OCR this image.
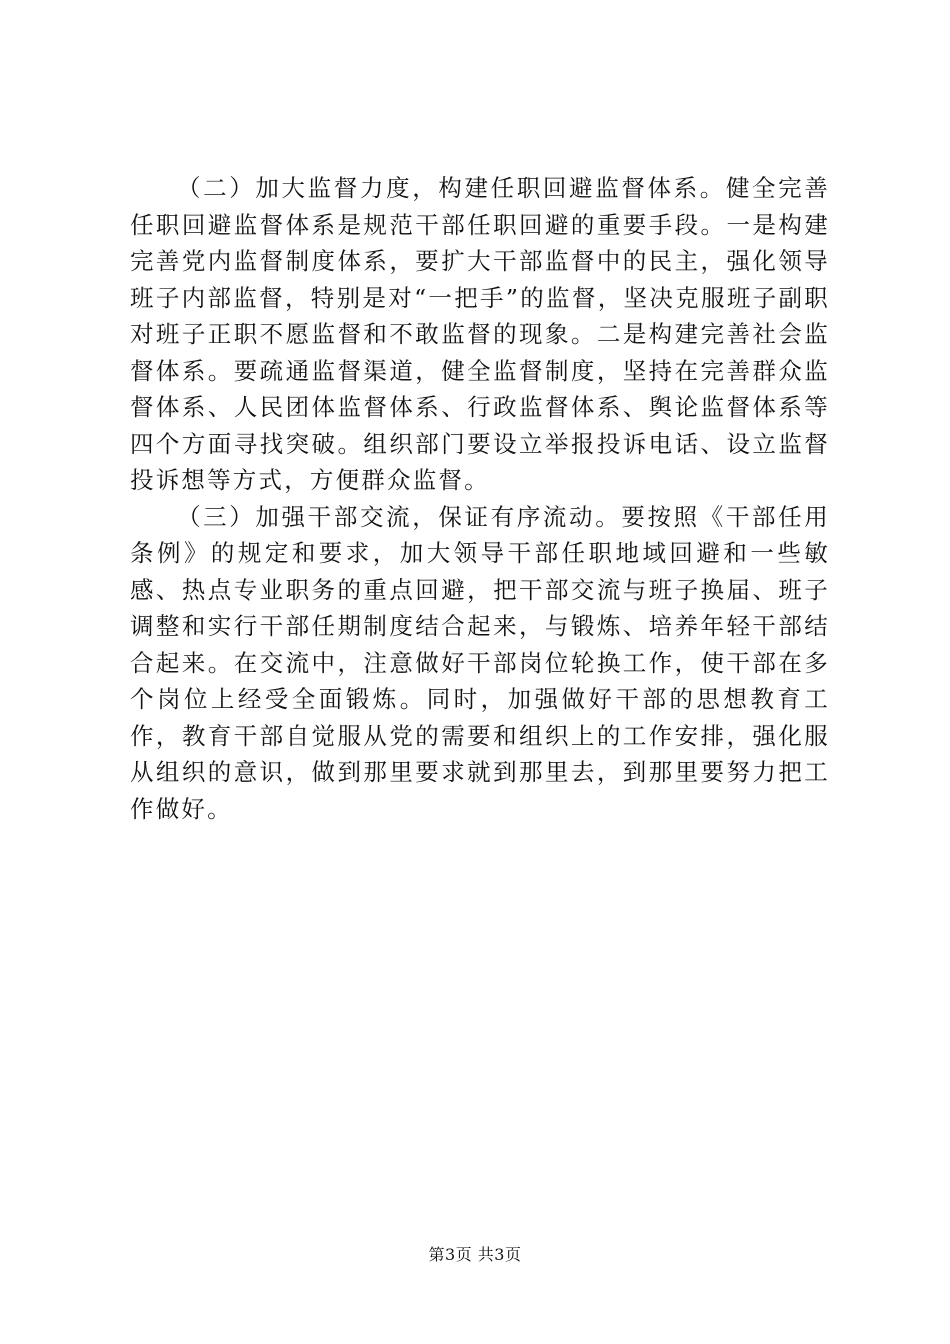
（二）加大监督力度，构建任职回避监督体系。健全完善任职回避监督体系是规范干部任职回避的重要手段。一是构建完善党内监督制度体系，要扩大干部监督中的民主，强化领导班子内部监督，特别是对“一把手”的监督，坚决克服班子副职对班子正职不愿监督和不敢监督的现象。二是构建完善社会监督体系。要疏通监督渠道，健全监督制度，坚持在完善群众监督体系、人民团体监督体系、行政监督体系、舆论监督体系等四个方面寻找突破。组织部门要设立举报投诉电话、设立监督投诉想等方式，方便群众监督。

（三）加强干部交流，保证有序流动。要按照《干部任用条例》的规定和要求，加大领导干部任职地域回避和一些敏感、热点专业职务的重点回避，把干部交流与班子换届、班子调整和实行干部任期制度结合起来，与锻炼、培养年轻干部结合起来。在交流中，注意做好干部岗位轮换工作，使干部在多个岗位上经受全面锻炼。同时，加强做好干部的思想教育工作，教育干部自觉服从党的需要和组织上的工作安排，强化服从组织的意识，做到那里要求就到那里去，到那里要努力把工作做好。

第3页 共3页
